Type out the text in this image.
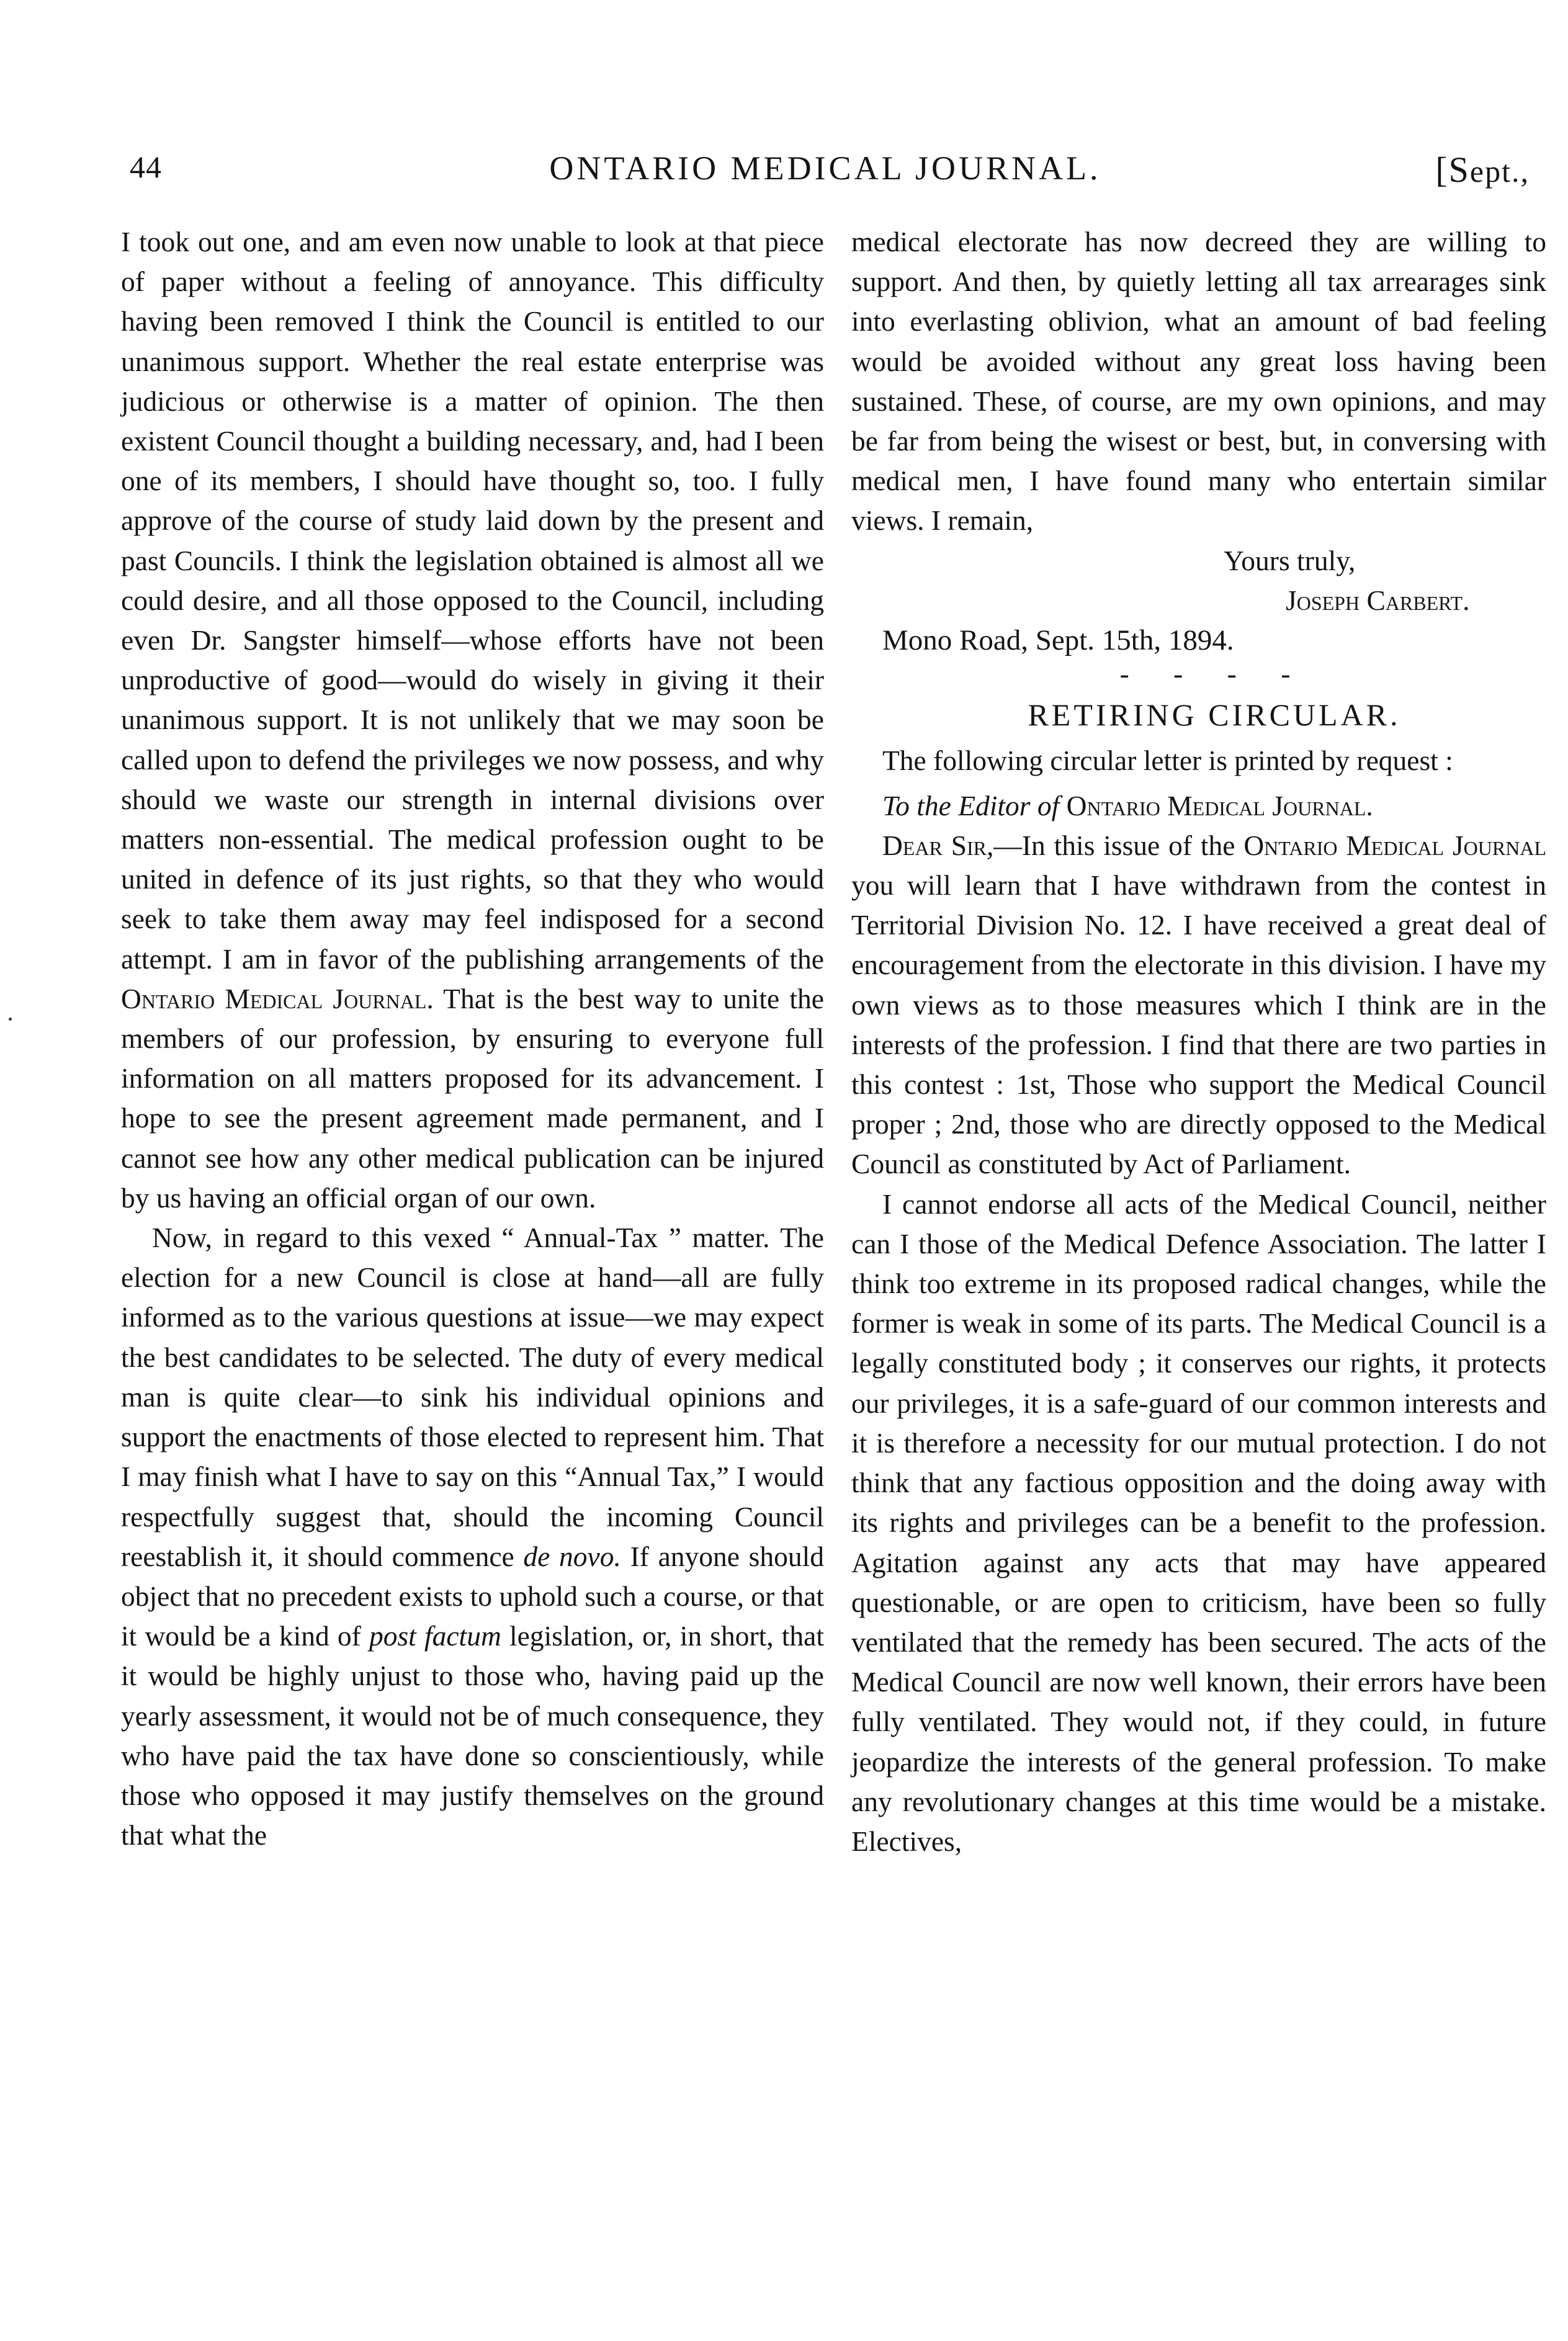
44	ONTARIO MEDICAL JOURNAL.	[Sept.,

I took out one, and am even now unable to look at that piece of paper without a feeling of annoyance. This difficulty having been removed I think the Council is entitled to our unanimous support. Whether the real estate enterprise was judicious or otherwise is a matter of opinion. The then existent Council thought a building necessary, and, had I been one of its members, I should have thought so, too. I fully approve of the course of study laid down by the present and past Councils. I think the legislation obtained is almost all we could desire, and all those opposed to the Council, including even Dr. Sangster himself—whose efforts have not been unproductive of good—would do wisely in giving it their unanimous support. It is not unlikely that we may soon be called upon to defend the privileges we now possess, and why should we waste our strength in internal divisions over matters non-essential. The medical profession ought to be united in defence of its just rights, so that they who would seek to take them away may feel indisposed for a second attempt. I am in favor of the publishing arrangements of the Ontario Medical Journal. That is the best way to unite the members of our profession, by ensuring to everyone full information on all matters proposed for its advancement. I hope to see the present agreement made permanent, and I cannot see how any other medical publication can be injured by us having an official organ of our own.

Now, in regard to this vexed “ Annual-Tax ” matter. The election for a new Council is close at hand—all are fully informed as to the various questions at issue—we may expect the best candidates to be selected. The duty of every medical man is quite clear—to sink his individual opinions and support the enactments of those elected to represent him. That I may finish what I have to say on this “Annual Tax,” I would respectfully suggest that, should the incoming Council reestablish it, it should commence de novo. If anyone should object that no precedent exists to uphold such a course, or that it would be a kind of post factum legislation, or, in short, that it would be highly unjust to those who, having paid up the yearly assessment, it would not be of much consequence, they who have paid the tax have done so conscientiously, while those who opposed it may justify themselves on the ground that what the

medical electorate has now decreed they are willing to support. And then, by quietly letting all tax arrearages sink into everlasting oblivion, what an amount of bad feeling would be avoided without any great loss having been sustained. These, of course, are my own opinions, and may be far from being the wisest or best, but, in conversing with medical men, I have found many who entertain similar views. I remain,

Yours truly,

Joseph Carbert.

Mono Road, Sept. 15th, 1894.

- - - -

RETIRING CIRCULAR.

The following circular letter is printed by request :

To the Editor of Ontario Medical Journal.

Dear Sir,—In this issue of the Ontario Medical Journal you will learn that I have withdrawn from the contest in Territorial Division No. 12. I have received a great deal of encouragement from the electorate in this division. I have my own views as to those measures which I think are in the interests of the profession. I find that there are two parties in this contest : 1st, Those who support the Medical Council proper ; 2nd, those who are directly opposed to the Medical Council as constituted by Act of Parliament.

I cannot endorse all acts of the Medical Council, neither can I those of the Medical Defence Association. The latter I think too extreme in its proposed radical changes, while the former is weak in some of its parts. The Medical Council is a legally constituted body ; it conserves our rights, it protects our privileges, it is a safe-guard of our common interests and it is therefore a necessity for our mutual protection. I do not think that any factious opposition and the doing away with its rights and privileges can be a benefit to the profession. Agitation against any acts that may have appeared questionable, or are open to criticism, have been so fully ventilated that the remedy has been secured. The acts of the Medical Council are now well known, their errors have been fully ventilated. They would not, if they could, in future jeopardize the interests of the general profession. To make any revolutionary changes at this time would be a mistake. Electives,
